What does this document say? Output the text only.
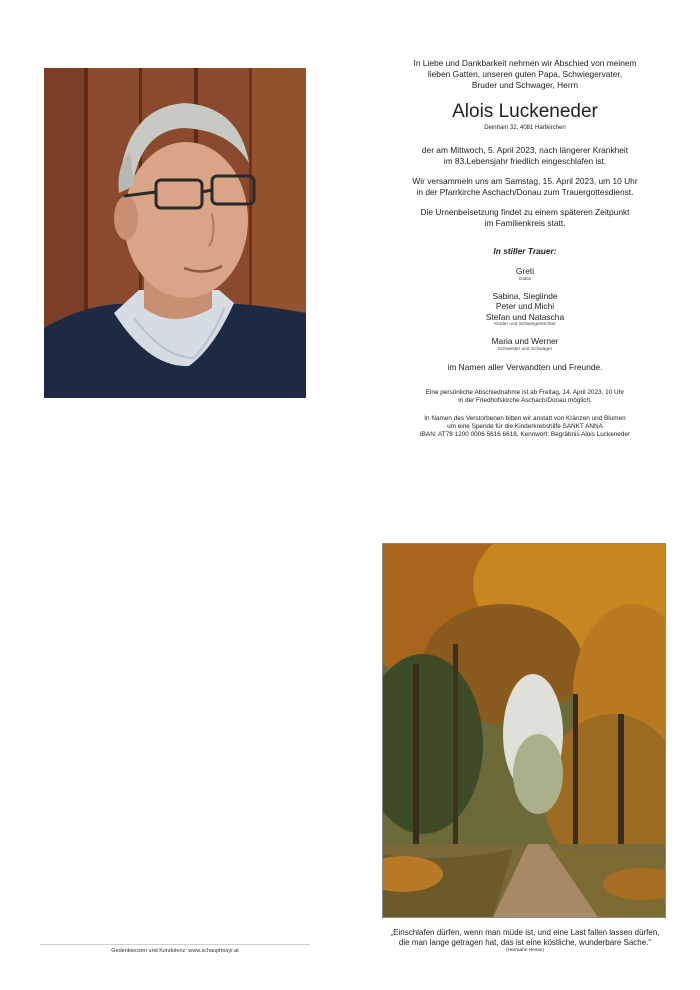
In Liebe und Dankbarkeit nehmen wir Abschied von meinem

lieben Gatten, unseren guten Papa, Schwiegervater,

Bruder und Schwager, Herrn

Alois Luckeneder

Deinham 32, 4081 Hartkirchen

der am Mittwoch, 5. April 2023, nach längerer Krankheit

im 83.Lebensjahr friedlich eingeschlafen ist.

Wir versammeln uns am Samstag, 15. April 2023, um 10 Uhr

in der Pfarrkirche Aschach/Donau zum Trauergottesdienst.

Die Urnenbeisetzung findet zu einem späteren Zeitpunkt

im Familienkreis statt.

In stiller Trauer:
Greti
Gattin
Sabina, Sieglinde
Peter und Michi
Stefan und Natascha
Kinder und Schwiegertöchter
Maria und Werner
Schwester und Schwager
im Namen aller Verwandten und Freunde.

Eine persönliche Abschiednahme ist ab Freitag, 14. April 2023, 10 Uhr

in der Friedhofskirche Aschach/Donau möglich.

In Namen des Verstorbenen bitten wir anstatt von Kränzen und Blumen

um eine Spende für die Kinderkrebshilfe SANKT ANNA

IBAN: AT78 1200 0006 5616 6618, Kennwort: Begräbnis Alois Luckeneder

„Einschlafen dürfen, wenn man müde ist, und eine Last fallen lassen dürfen,

die man lange getragen hat, das ist eine köstliche, wunderbare Sache.“

(Hermann Hesse)
Gedenkkerzen und Kondolenz: www.schauptmayr.at
